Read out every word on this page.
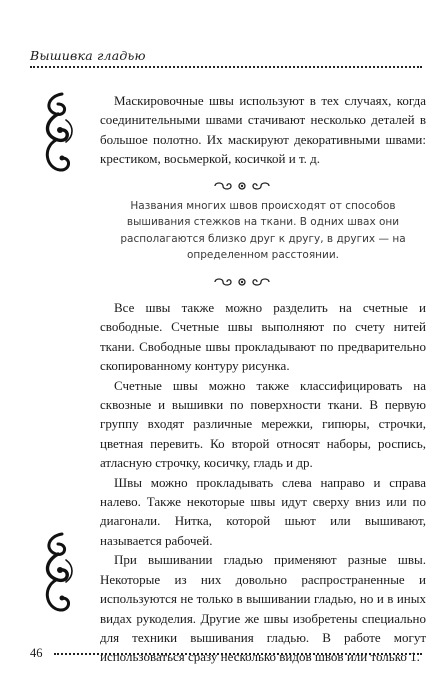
Вышивка гладью

Маскировочные швы используют в тех случаях, когда соединительными швами стачивают несколько деталей в большое полотно. Их маскируют декоративными швами: крестиком, восьмеркой, косичкой и т. д.

Названия многих швов происходят от способов вышивания стежков на ткани. В одних швах они располагаются близко друг к другу, в других — на определенном расстоянии.

Все швы также можно разделить на счетные и свободные. Счетные швы выполняют по счету нитей ткани. Свободные швы прокладывают по предварительно скопированному контуру рисунка.

Счетные швы можно также классифицировать на сквозные и вышивки по поверхности ткани. В первую группу входят различные мережки, гипюры, строчки, цветная перевить. Ко второй относят наборы, роспись, атласную строчку, косичку, гладь и др.

Швы можно прокладывать слева направо и справа налево. Также некоторые швы идут сверху вниз или по диагонали. Нитка, которой шьют или вышивают, называется рабочей.

При вышивании гладью применяют разные швы. Некоторые из них довольно распространенные и используются не только в вышивании гладью, но и в иных видах рукоделия. Другие же швы изобретены специально для техники вышивания гладью. В работе могут использоваться сразу несколько видов швов или только 1.

46
